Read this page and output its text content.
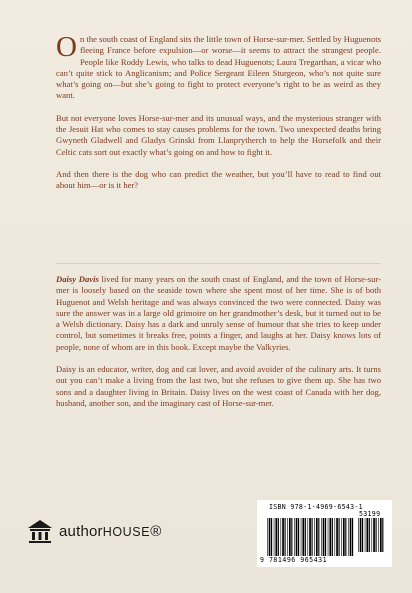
On the south coast of England sits the little town of Horse-sur-mer. Settled by Huguenots fleeing France before expulsion—or worse—it seems to attract the strangest people. People like Roddy Lewis, who talks to dead Huguenots; Laura Tregarthan, a vicar who can’t quite stick to Anglicanism; and Police Sergeant Eileen Sturgeon, who’s not quite sure what’s going on—but she’s going to fight to protect everyone’s right to be as weird as they want.

But not everyone loves Horse-sur-mer and its unusual ways, and the mysterious stranger with the Jesuit Hat who comes to stay causes problems for the town. Two unexpected deaths bring Gwyneth Gladwell and Gladys Grinski from Llanprytherch to help the Horsefolk and their Celtic cats sort out exactly what’s going on and how to fight it.

And then there is the dog who can predict the weather, but you’ll have to read to find out about him—or is it her?

Daisy Davis lived for many years on the south coast of England, and the town of Horse-sur-mer is loosely based on the seaside town where she spent most of her time. She is of both Huguenot and Welsh heritage and was always convinced the two were connected. Daisy was sure the answer was in a large old grimoire on her grandmother’s desk, but it turned out to be a Welsh dictionary. Daisy has a dark and unruly sense of humour that she tries to keep under control, but sometimes it breaks free, points a finger, and laughs at her. Daisy knows lots of people, none of whom are in this book. Except maybe the Valkyries.

Daisy is an educator, writer, dog and cat lover, and avoid avoider of the culinary arts. It turns out you can’t make a living from the last two, but she refuses to give them up. She has two sons and a daughter living in Britain. Daisy lives on the west coast of Canada with her dog, husband, another son, and the imaginary cast of Horse-sur-mer.

authorHOUSE®
ISBN 978-1-4969-6543-1
53199
9 781496 965431
